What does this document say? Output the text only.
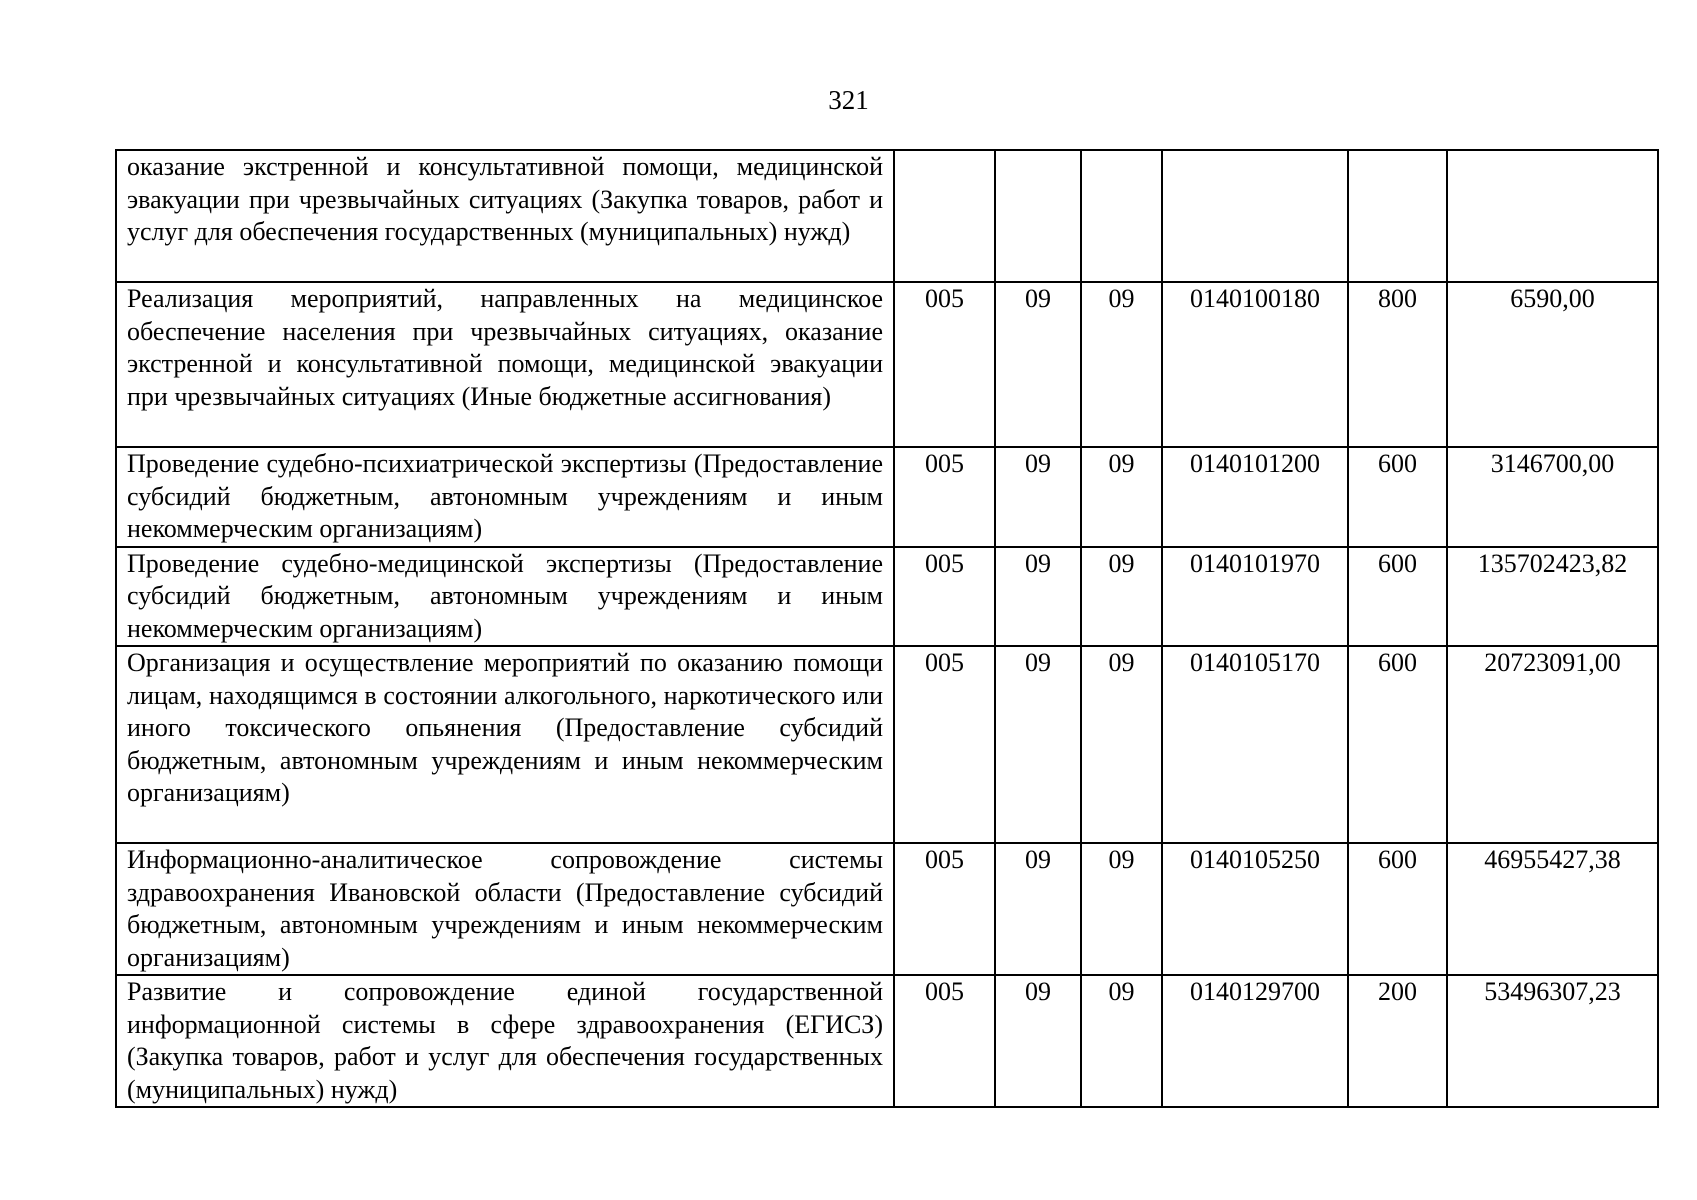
321
оказание экстренной и консультативной помощи, медицинской эвакуации при чрезвычайных ситуациях (Закупка товаров, работ и услуг для обеспечения государственных (муниципальных) нужд)						
Реализация мероприятий, направленных на медицинское обеспечение населения при чрезвычайных ситуациях, оказание экстренной и консультативной помощи, медицинской эвакуации при чрезвычайных ситуациях (Иные бюджетные ассигнования)	005	09	09	0140100180	800	6590,00
Проведение судебно-психиатрической экспертизы (Предоставление субсидий бюджетным, автономным учреждениям и иным некоммерческим организациям)	005	09	09	0140101200	600	3146700,00
Проведение судебно-медицинской экспертизы (Предоставление субсидий бюджетным, автономным учреждениям и иным некоммерческим организациям)	005	09	09	0140101970	600	135702423,82
Организация и осуществление мероприятий по оказанию помощи лицам, находящимся в состоянии алкогольного, наркотического или иного токсического опьянения (Предоставление субсидий бюджетным, автономным учреждениям и иным некоммерческим организациям)	005	09	09	0140105170	600	20723091,00
Информационно-аналитическое сопровождение системы здравоохранения Ивановской области (Предоставление субсидий бюджетным, автономным учреждениям и иным некоммерческим организациям)	005	09	09	0140105250	600	46955427,38
Развитие и сопровождение единой государственной информационной системы в сфере здравоохранения (ЕГИСЗ) (Закупка товаров, работ и услуг для обеспечения государственных (муниципальных) нужд)	005	09	09	0140129700	200	53496307,23
